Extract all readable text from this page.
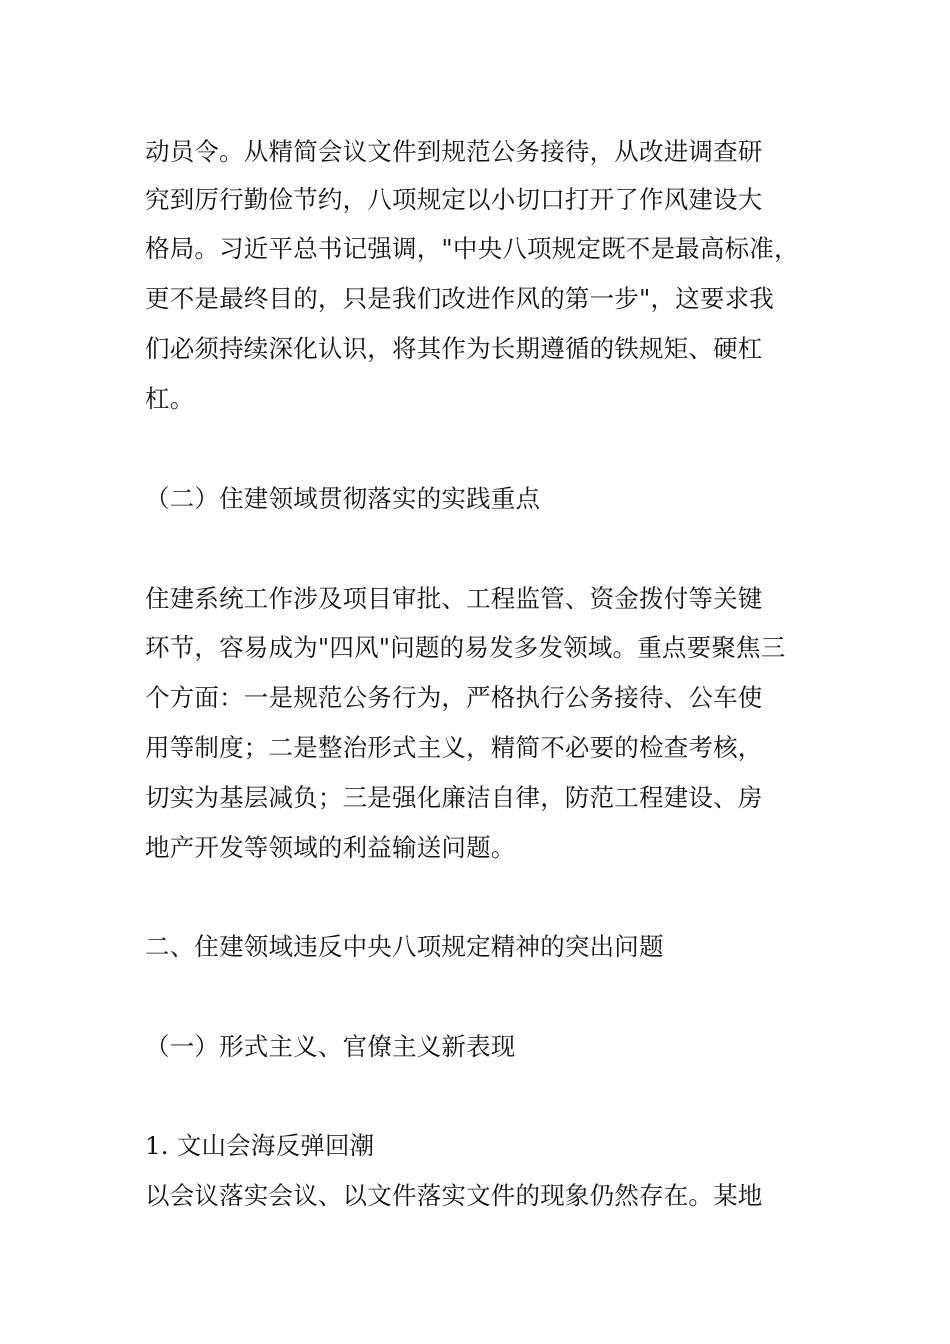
动员令。从精简会议文件到规范公务接待，从改进调查研
究到厉行勤俭节约，八项规定以小切口打开了作风建设大
格局。习近平总书记强调，"中央八项规定既不是最高标准，
更不是最终目的，只是我们改进作风的第一步"，这要求我
们必须持续深化认识，将其作为长期遵循的铁规矩、硬杠
杠。
（二）住建领域贯彻落实的实践重点
住建系统工作涉及项目审批、工程监管、资金拨付等关键
环节，容易成为"四风"问题的易发多发领域。重点要聚焦三
个方面：一是规范公务行为，严格执行公务接待、公车使
用等制度；二是整治形式主义，精简不必要的检查考核，
切实为基层减负；三是强化廉洁自律，防范工程建设、房
地产开发等领域的利益输送问题。
二、住建领域违反中央八项规定精神的突出问题
（一）形式主义、官僚主义新表现
1. 文山会海反弹回潮
以会议落实会议、以文件落实文件的现象仍然存在。某地
